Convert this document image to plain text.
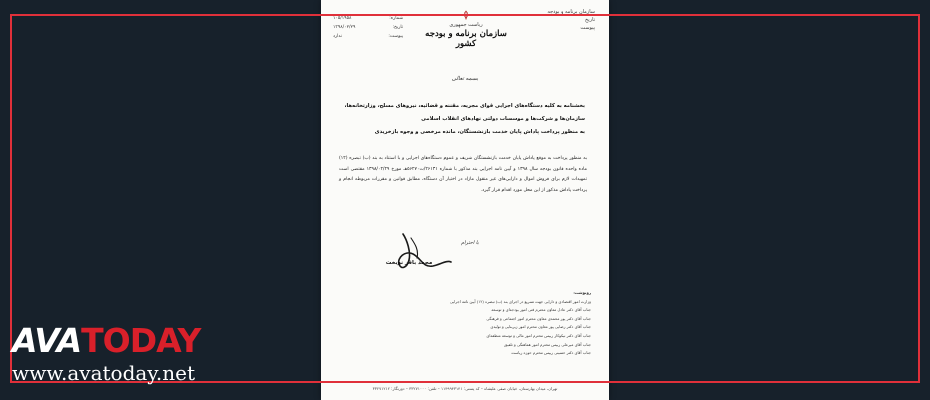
سازمان برنامه و بودجه
تاریخ
پیوست
ریاست جمهوری
سازمان برنامه و بودجه کشور
شماره:
۱۰۵/۱۹۵۸
تاریخ:
۱۳۹۸/۰۲/۲۹
پیوست:
ندارد
بسمه تعالی
بخشنامه به کلیه دستگاه‌های اجرایی قوای مجریه، مقننه و قضائیه، نیروهای مسلح، وزارتخانه‌ها،
سازمان‌ها و شرکت‌ها و موسسات دولتی نهادهای انقلاب اسلامی
به منظور پرداخت پاداش پایان خدمت بازنشستگان، مانده مرخصی و وجوه بازخریدی
به منظور پرداخت به موقع پاداش پایان خدمت بازنشستگان شریف و عموم دستگاه‌های اجرایی و با استناد به بند (ب) تبصره (۱۲) ماده واحده قانون بودجه سال ۱۳۹۸ و آیین نامه اجرایی بند مذکور با شماره ۲۶۱۳۱/ت۵۶۲۷۰هـ مورخ ۱۳۹۸/۰۲/۲۹ مقتضی است تمهیدات لازم برای فروش اموال و دارایی‌های غیر منقول مازاد در اختیار آن دستگاه، مطابق قوانین و مقررات مربوطه انجام و پرداخت پاداش مذکور از این محل مورد اقدام قرار گیرد.
با احترام
محمد باقر نوبخت
رونوشت:
وزارت امور اقتصادی و دارایی جهت تسریع در اجرای بند (ب) تبصره (۱۲) آیین نامه اجرایی
جناب آقای دکتر عادل معاون محترم فنی امور بودجه‌ای و توسعه
جناب آقای دکتر پور محمدی معاون محترم امور اجتماعی و فرهنگی
جناب آقای دکتر رضایی پور معاون محترم امور زیربنایی و تولیدی
جناب آقای دکتر نیکوکار رییس محترم امور مالی و توسعه منطقه‌ای
جناب آقای میرعلی رییس محترم امور هماهنگی و تلفیق
جناب آقای دکتر حسینی رییس محترم حوزه ریاست
تهران، میدان بهارستان، خیابان صفی علیشاه – کد پستی: ۱۱۴۹۹۴۳۱۴۱ – تلفن: ۳۳۲۷۱۰۰۰ – دورنگار: ۳۳۲۷۱۲۱۲
AVATODAY
www.avatoday.net
